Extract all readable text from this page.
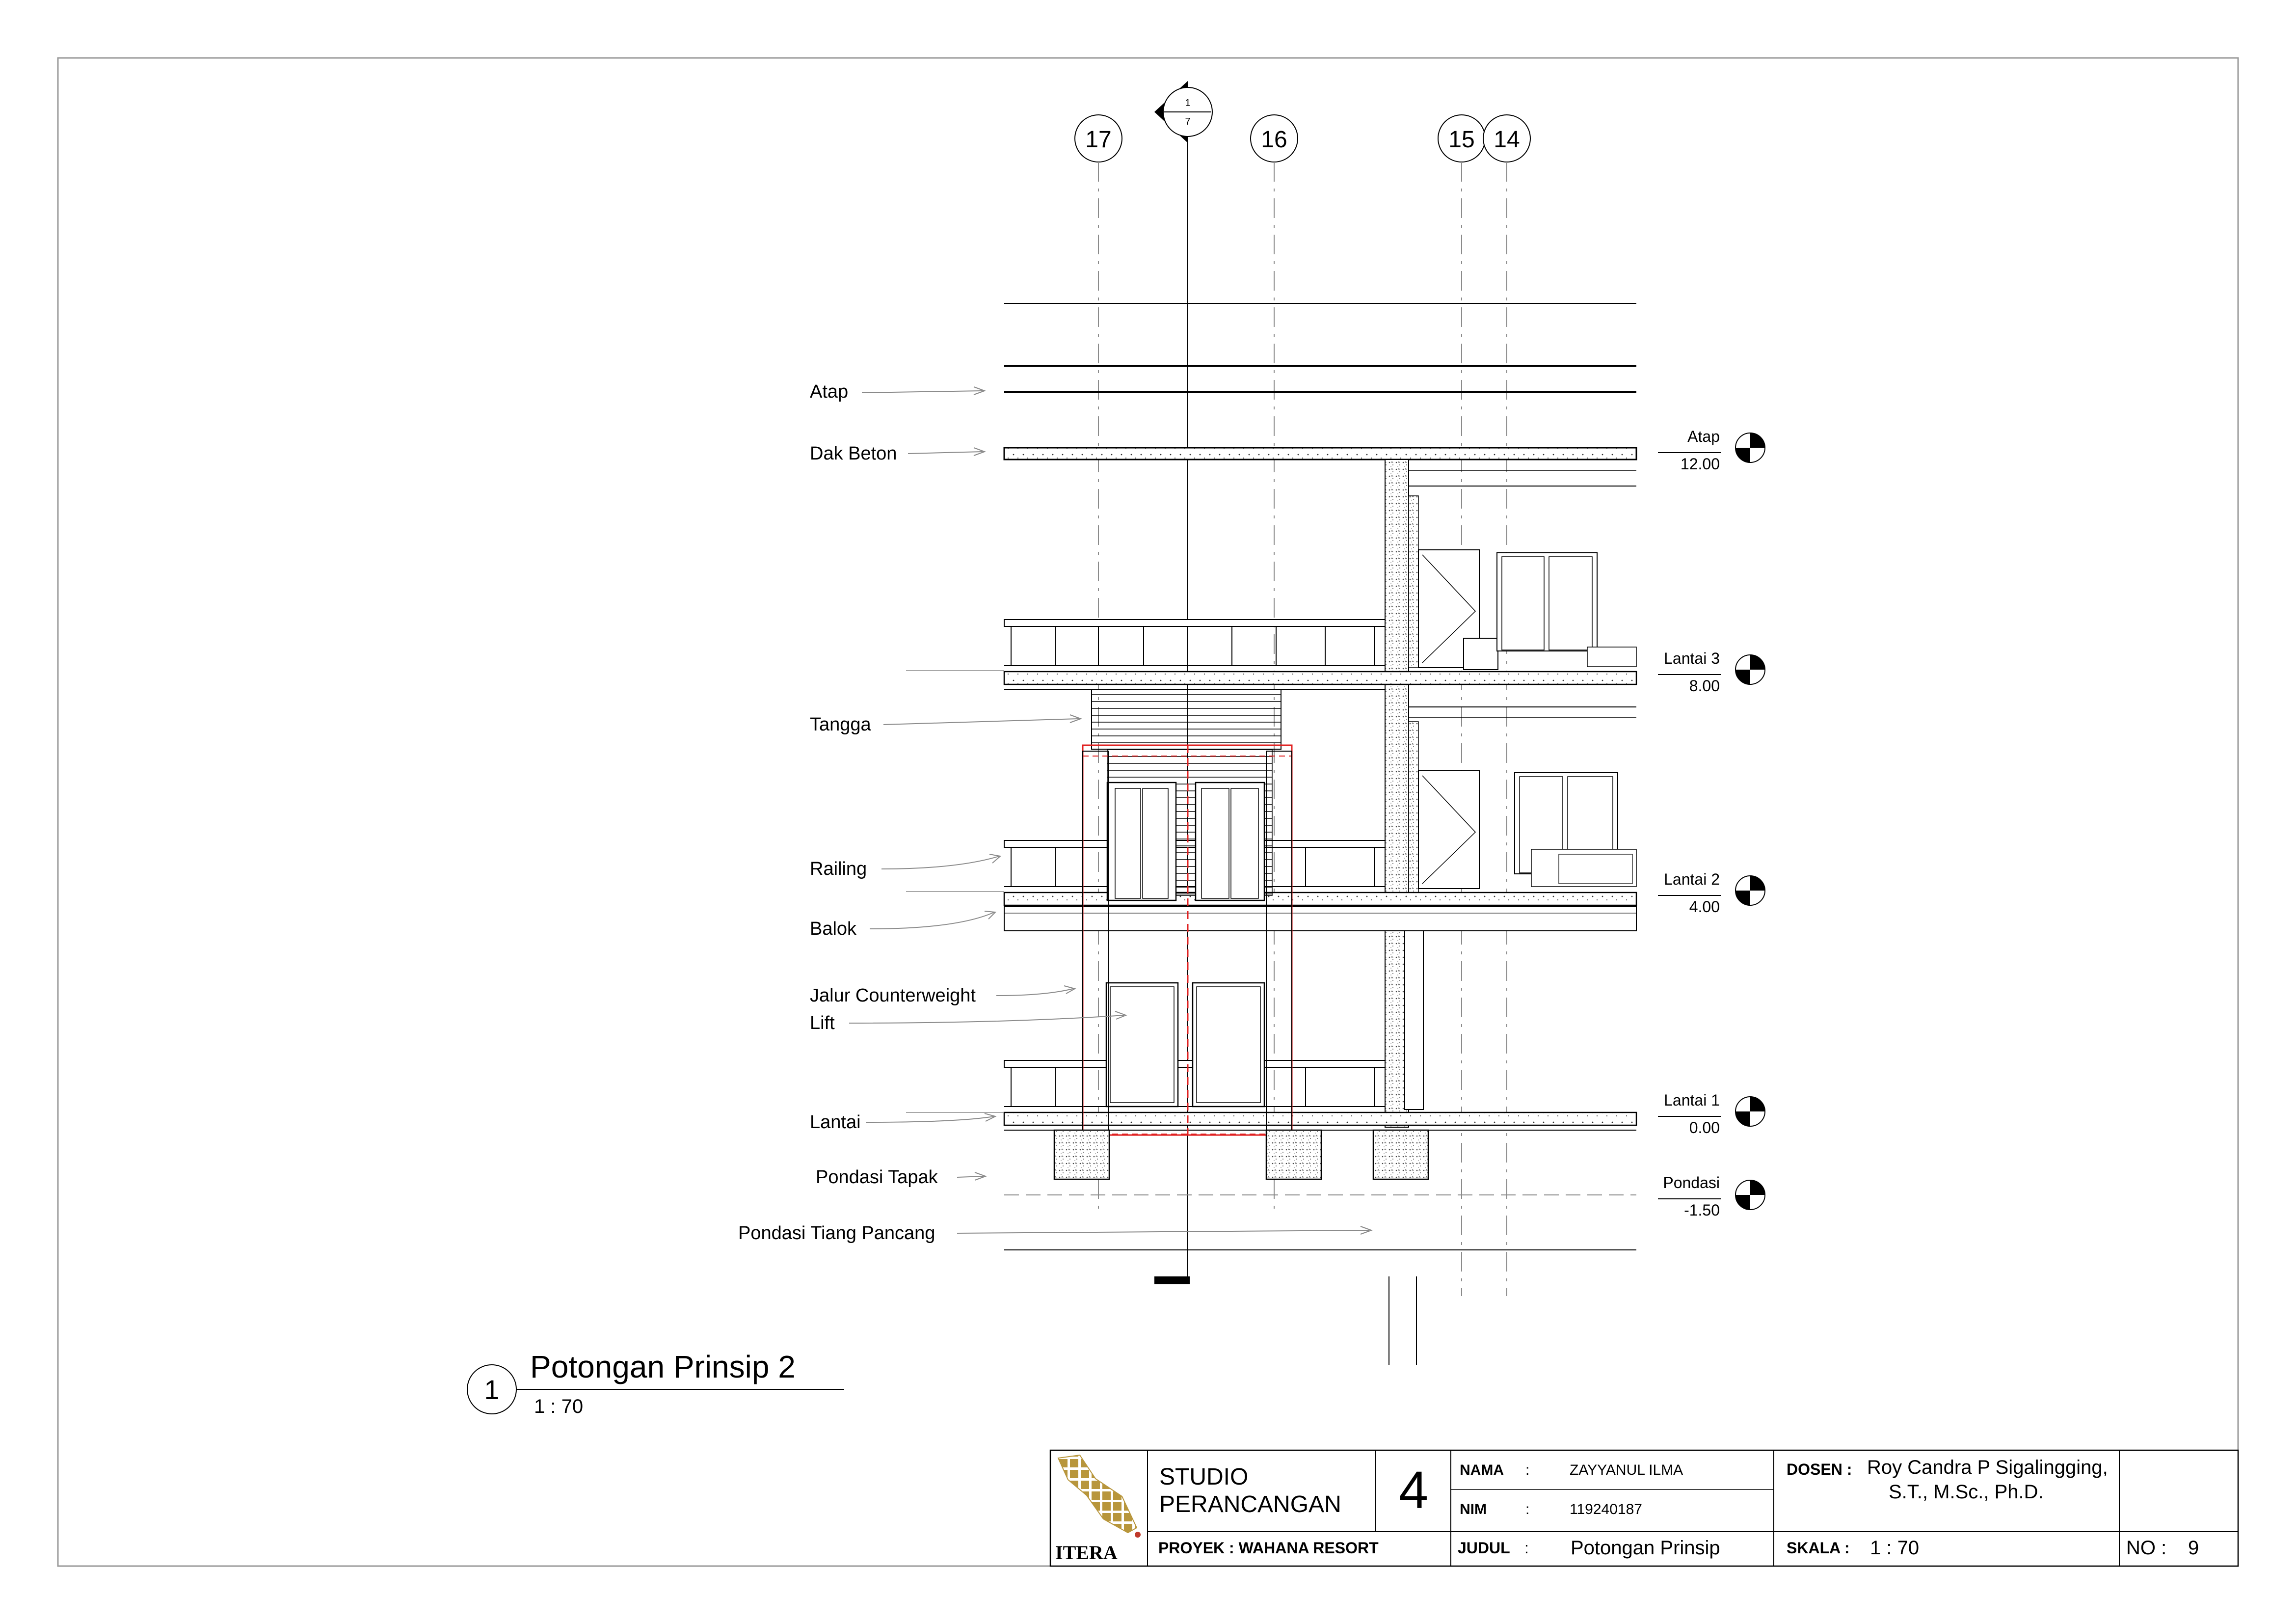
17	16	15 14
1
7
Atap
Dak Beton
Tangga
Railing
Balok
Jalur Counterweight
Lift
Lantai
Pondasi Tapak
Pondasi Tiang Pancang
Atap
12.00
Lantai 3
8.00
Lantai 2
4.00
Lantai 1
0.00
Pondasi
-1.50
1
Potongan Prinsip 2
1 : 70
ITERA
STUDIO
PERANCANGAN 4
PROYEK : WAHANA RESORT
NAMA :	ZAYYANUL ILMA
NIM	:	119240187
JUDUL : Potongan Prinsip
DOSEN : Roy Candra P Sigalingging,
S.T., M.Sc., Ph.D.
SKALA : 1 : 70	NO : 9
